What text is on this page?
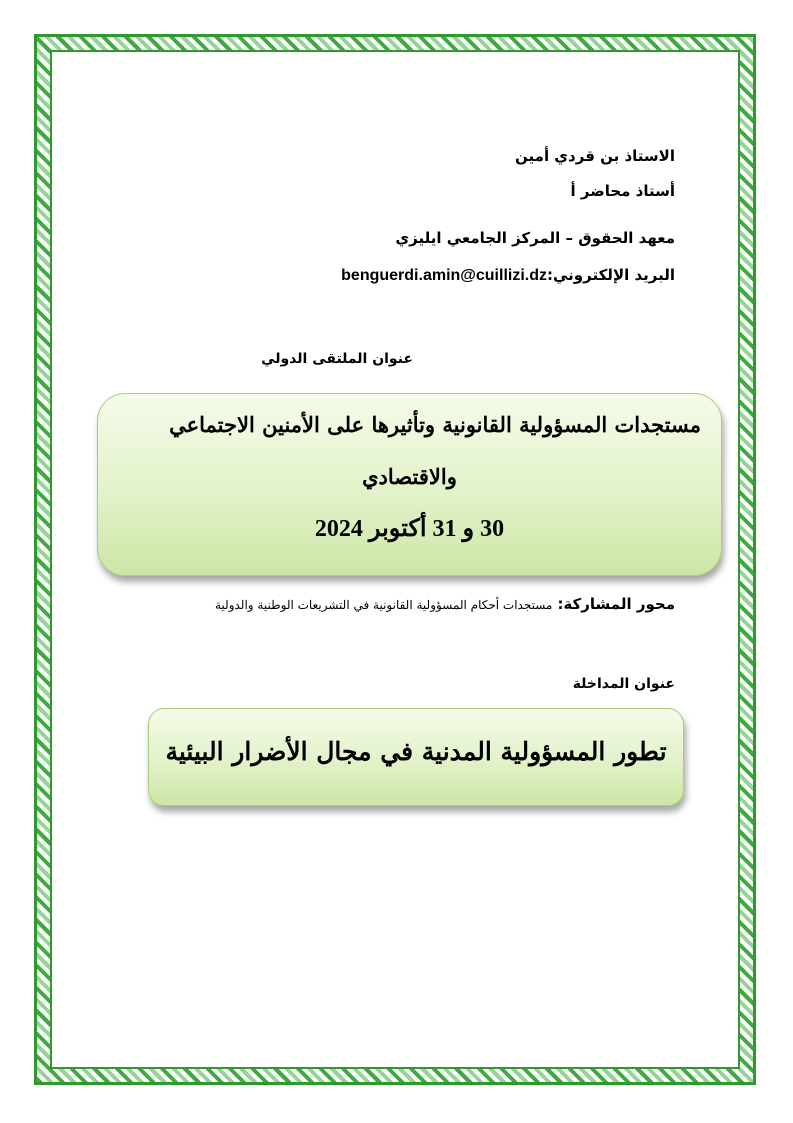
الاستاذ بن قردي أمين
أستاذ محاضر أ
معهد الحقوق – المركز الجامعي ايليزي
البريد الإلكتروني:benguerdi.amin@cuillizi.dz
عنوان الملتقى الدولي
مستجدات المسؤولية القانونية وتأثيرها على الأمنين الاجتماعي
والاقتصادي
30 و 31 أكتوبر 2024
محور المشاركة: مستجدات أحكام المسؤولية القانونية في التشريعات الوطنية والدولية
عنوان المداخلة
تطور المسؤولية المدنية في مجال الأضرار البيئية
